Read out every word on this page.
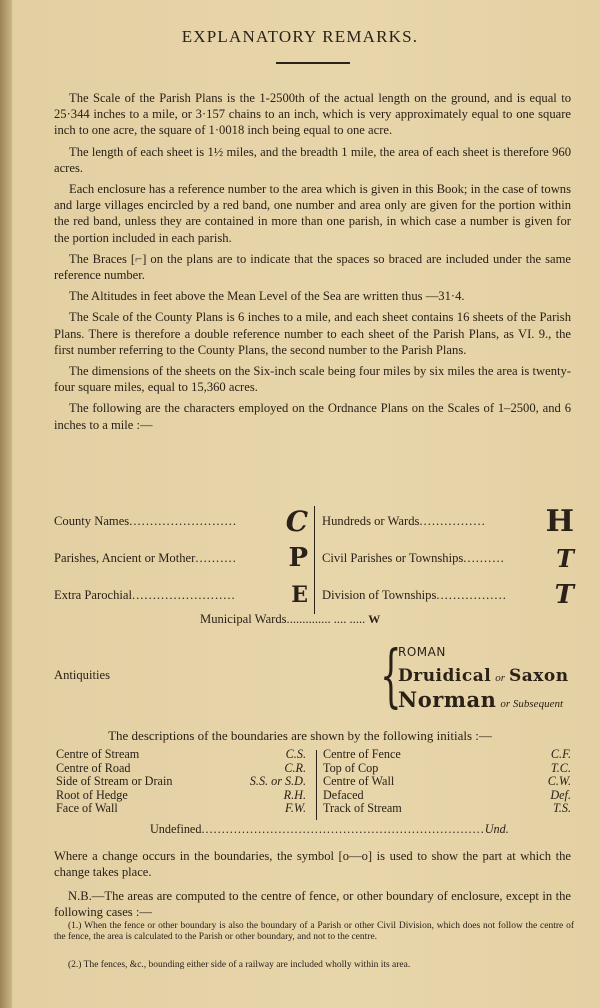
EXPLANATORY REMARKS.

The Scale of the Parish Plans is the 1-2500th of the actual length on the ground, and is equal to 25·344 inches to a mile, or 3·157 chains to an inch, which is very approximately equal to one square inch to one acre, the square of 1·0018 inch being equal to one acre.

The length of each sheet is 1½ miles, and the breadth 1 mile, the area of each sheet is therefore 960 acres.

Each enclosure has a reference number to the area which is given in this Book; in the case of towns and large villages encircled by a red band, one number and area only are given for the portion within the red band, unless they are contained in more than one parish, in which case a number is given for the portion included in each parish.

The Braces [⌐] on the plans are to indicate that the spaces so braced are included under the same reference number.

The Altitudes in feet above the Mean Level of the Sea are written thus —31·4.

The Scale of the County Plans is 6 inches to a mile, and each sheet contains 16 sheets of the Parish Plans. There is therefore a double reference number to each sheet of the Parish Plans, as VI. 9., the first number referring to the County Plans, the second number to the Parish Plans.

The dimensions of the sheets on the Six-inch scale being four miles by six miles the area is twenty-four square miles, equal to 15,360 acres.

The following are the characters employed on the Ordnance Plans on the Scales of 1–2500, and 6 inches to a mile :—

County Names ..........................	C
Parishes, Ancient or Mother ..........	P
Extra Parochial .........................	E
Hundreds or Wards ................	H
Civil Parishes or Townships ..........	T
Division of Townships .................	T
Municipal Wards.............. .... ..... W
Antiquities	{
ROMAN
Druidical or Saxon
Norman or Subsequent
The descriptions of the boundaries are shown by the following initials :—
Centre of Stream	C.S.
Centre of Road	C.R.
Side of Stream or Drain	S.S. or S.D.
Root of Hedge	R.H.
Face of Wall	F.W.
Centre of Fence	C.F.
Top of Cop	T.C.
Centre of Wall	C.W.
Defaced	Def.
Track of Stream	T.S.
Undefined......................................................................Und.
Where a change occurs in the boundaries, the symbol [o—o] is used to show the part at which the change takes place.
N.B.—The areas are computed to the centre of fence, or other boundary of enclosure, except in the following cases :—
(1.) When the fence or other boundary is also the boundary of a Parish or other Civil Division, which does not follow the centre of the fence, the area is calculated to the Parish or other boundary, and not to the centre.
(2.) The fences, &c., bounding either side of a railway are included wholly within its area.
